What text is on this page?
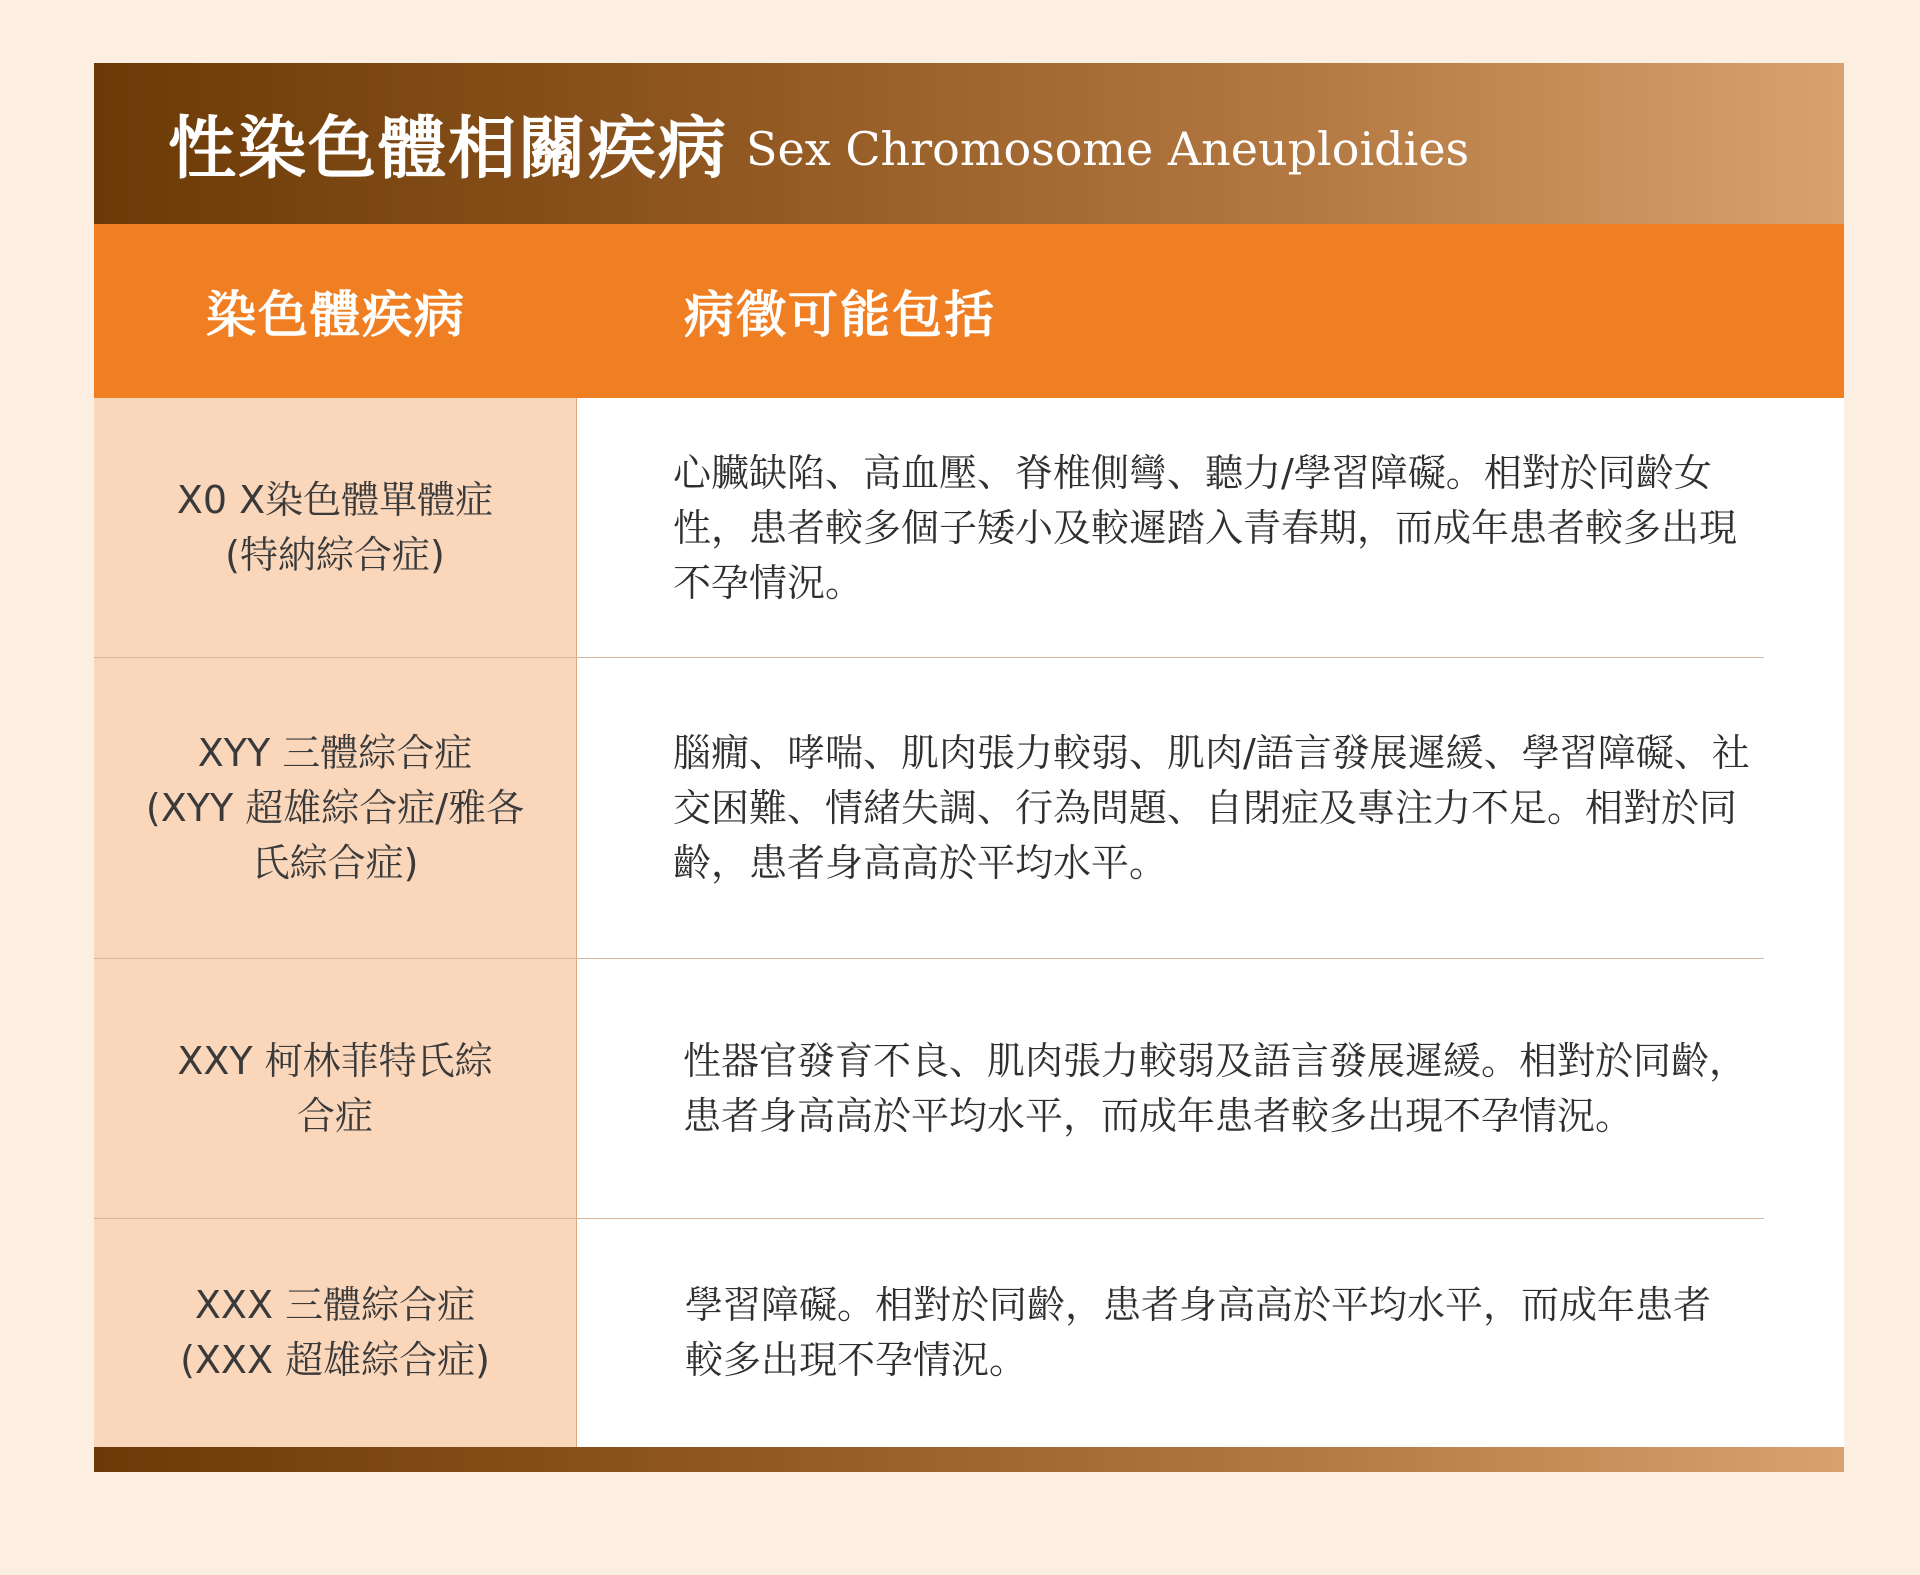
性染色體相關疾病 Sex Chromosome Aneuploidies
染色體疾病	病徵可能包括
X0 X染色體單體症
(特納綜合症)
心臟缺陷、高血壓、脊椎側彎、聽力/學習障礙。相對於同齡女性，患者較多個子矮小及較遲踏入青春期，而成年患者較多出現不孕情況。
XYY 三體綜合症
(XYY 超雄綜合症/雅各
氏綜合症)
腦癇、哮喘、肌肉張力較弱、肌肉/語言發展遲緩、學習障礙、社交困難、情緒失調、行為問題、自閉症及專注力不足。相對於同齡，患者身高高於平均水平。
XXY 柯林菲特氏綜
合症
性器官發育不良、肌肉張力較弱及語言發展遲緩。相對於同齡，患者身高高於平均水平，而成年患者較多出現不孕情況。
XXX 三體綜合症
(XXX 超雄綜合症)
學習障礙。相對於同齡，患者身高高於平均水平，而成年患者較多出現不孕情況。
